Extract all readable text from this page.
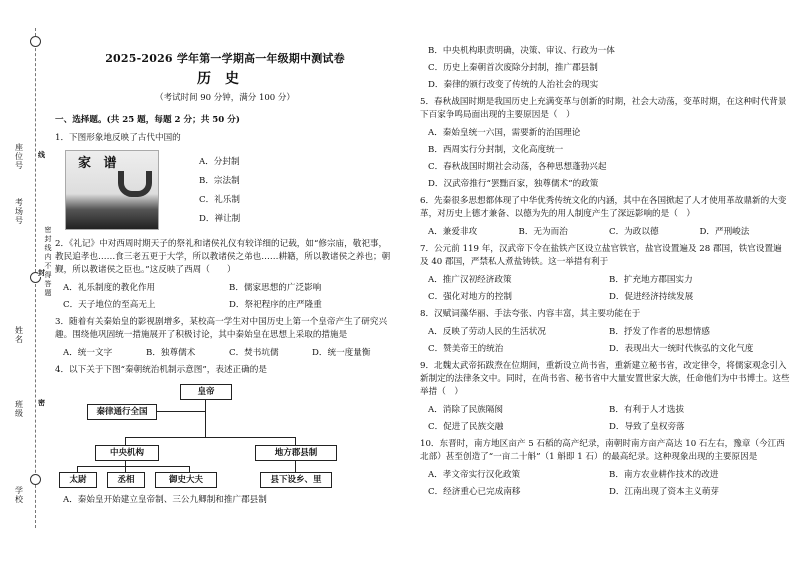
线
封
密
座位号
考场号
姓名
班级
学校
密封线内不得答题
2025-2026 学年第一学期高一年级期中测试卷
历史
（考试时间 90 分钟，满分 100 分）
一、选择题。(共 25 题，每题 2 分；共 50 分)
1．下图形象地反映了古代中国的
家 谱	A．分封制
B．宗法制
C．礼乐制
D．禅让制
2．《礼记》中对西周时期天子的祭礼和诸侯礼仪有较详细的记载，如“修宗庙，敬祀事，教民追孝也……食三老五更于大学，所以教诸侯之弟也……耕籍，所以教诸侯之养也；朝觐，所以教诸侯之臣也。”这反映了西周（　　）
A．礼乐制度的教化作用	B．儒家思想的广泛影响
C．天子地位的至高无上	D．祭祀程序的庄严隆重
3．随着有关秦始皇的影视剧增多，某校高一学生对中国历史上第一个皇帝产生了研究兴趣。围绕他巩固统一措施展开了积极讨论，其中秦始皇在思想上采取的措施是
A．统一文字	B．独尊儒术	C．焚书坑儒	D．统一度量衡
4．以下关于下图“秦朝统治机制示意图”，表述正确的是
皇帝
秦律通行全国
中央机构	地方郡县制
太尉	丞相	御史大夫	县下设乡、里
A．秦始皇开始建立皇帝制、三公九卿制和推广郡县制
B．中央机构职责明确，决策、审议、行政为一体
C．历史上秦朝首次废除分封制，推广郡县制
D．秦律的颁行改变了传统的人治社会的现实
5．春秋战国时期是我国历史上充满变革与创新的时期，社会大动荡，变革时期，在这种时代背景下百家争鸣局面出现的主要原因是（　）
A．秦始皇统一六国，需要新的治国理论
B．西周实行分封制，文化高度统一
C．春秋战国时期社会动荡，各种思想蓬勃兴起
D．汉武帝推行“罢黜百家，独尊儒术”的政策
6．先秦很多思想都体现了中华优秀传统文化的内涵，其中在各国掀起了人才使用革故鼎新的大变革，对历史上德才兼备、以德为先的用人制度产生了深远影响的是（　）
A．兼爱非攻	B．无为而治	C．为政以德	D．严刑峻法
7．公元前 119 年，汉武帝下令在盐铁产区设立盐官铁官，盐官设置遍及 28 郡国，铁官设置遍及 40 郡国，严禁私人煮盐铸铁。这一举措有利于
A．推广汉初经济政策	B．扩充地方郡国实力
C．强化对地方的控制	D．促进经济持续发展
8．汉赋词藻华丽、手法夸张、内容丰富，其主要功能在于
A．反映了劳动人民的生活状况	B．抒发了作者的思想情感
C．赞美帝王的统治	D．表现出大一统时代恢弘的文化气度
9．北魏太武帝拓跋焘在位期间，重新设立尚书省，重新建立秘书省，改定律令，将儒家观念引入新制定的法律条文中。同时，在尚书省、秘书省中大量安置世家大族，任命他们为中书博士。这些举措（　）
A．消除了民族隔阂	B．有利于人才选拔
C．促进了民族交融	D．导致了皇权旁落
10．东晋时，南方地区亩产 5 石稻的高产纪录，南朝时南方亩产高达 10 石左右，豫章（今江西北部）甚至创造了“一亩二十斛”（1 斛即 1 石）的最高纪录。这种现象出现的主要原因是
A．孝文帝实行汉化政策	B．南方农业耕作技术的改进
C．经济重心已完成南移	D．江南出现了资本主义萌芽
